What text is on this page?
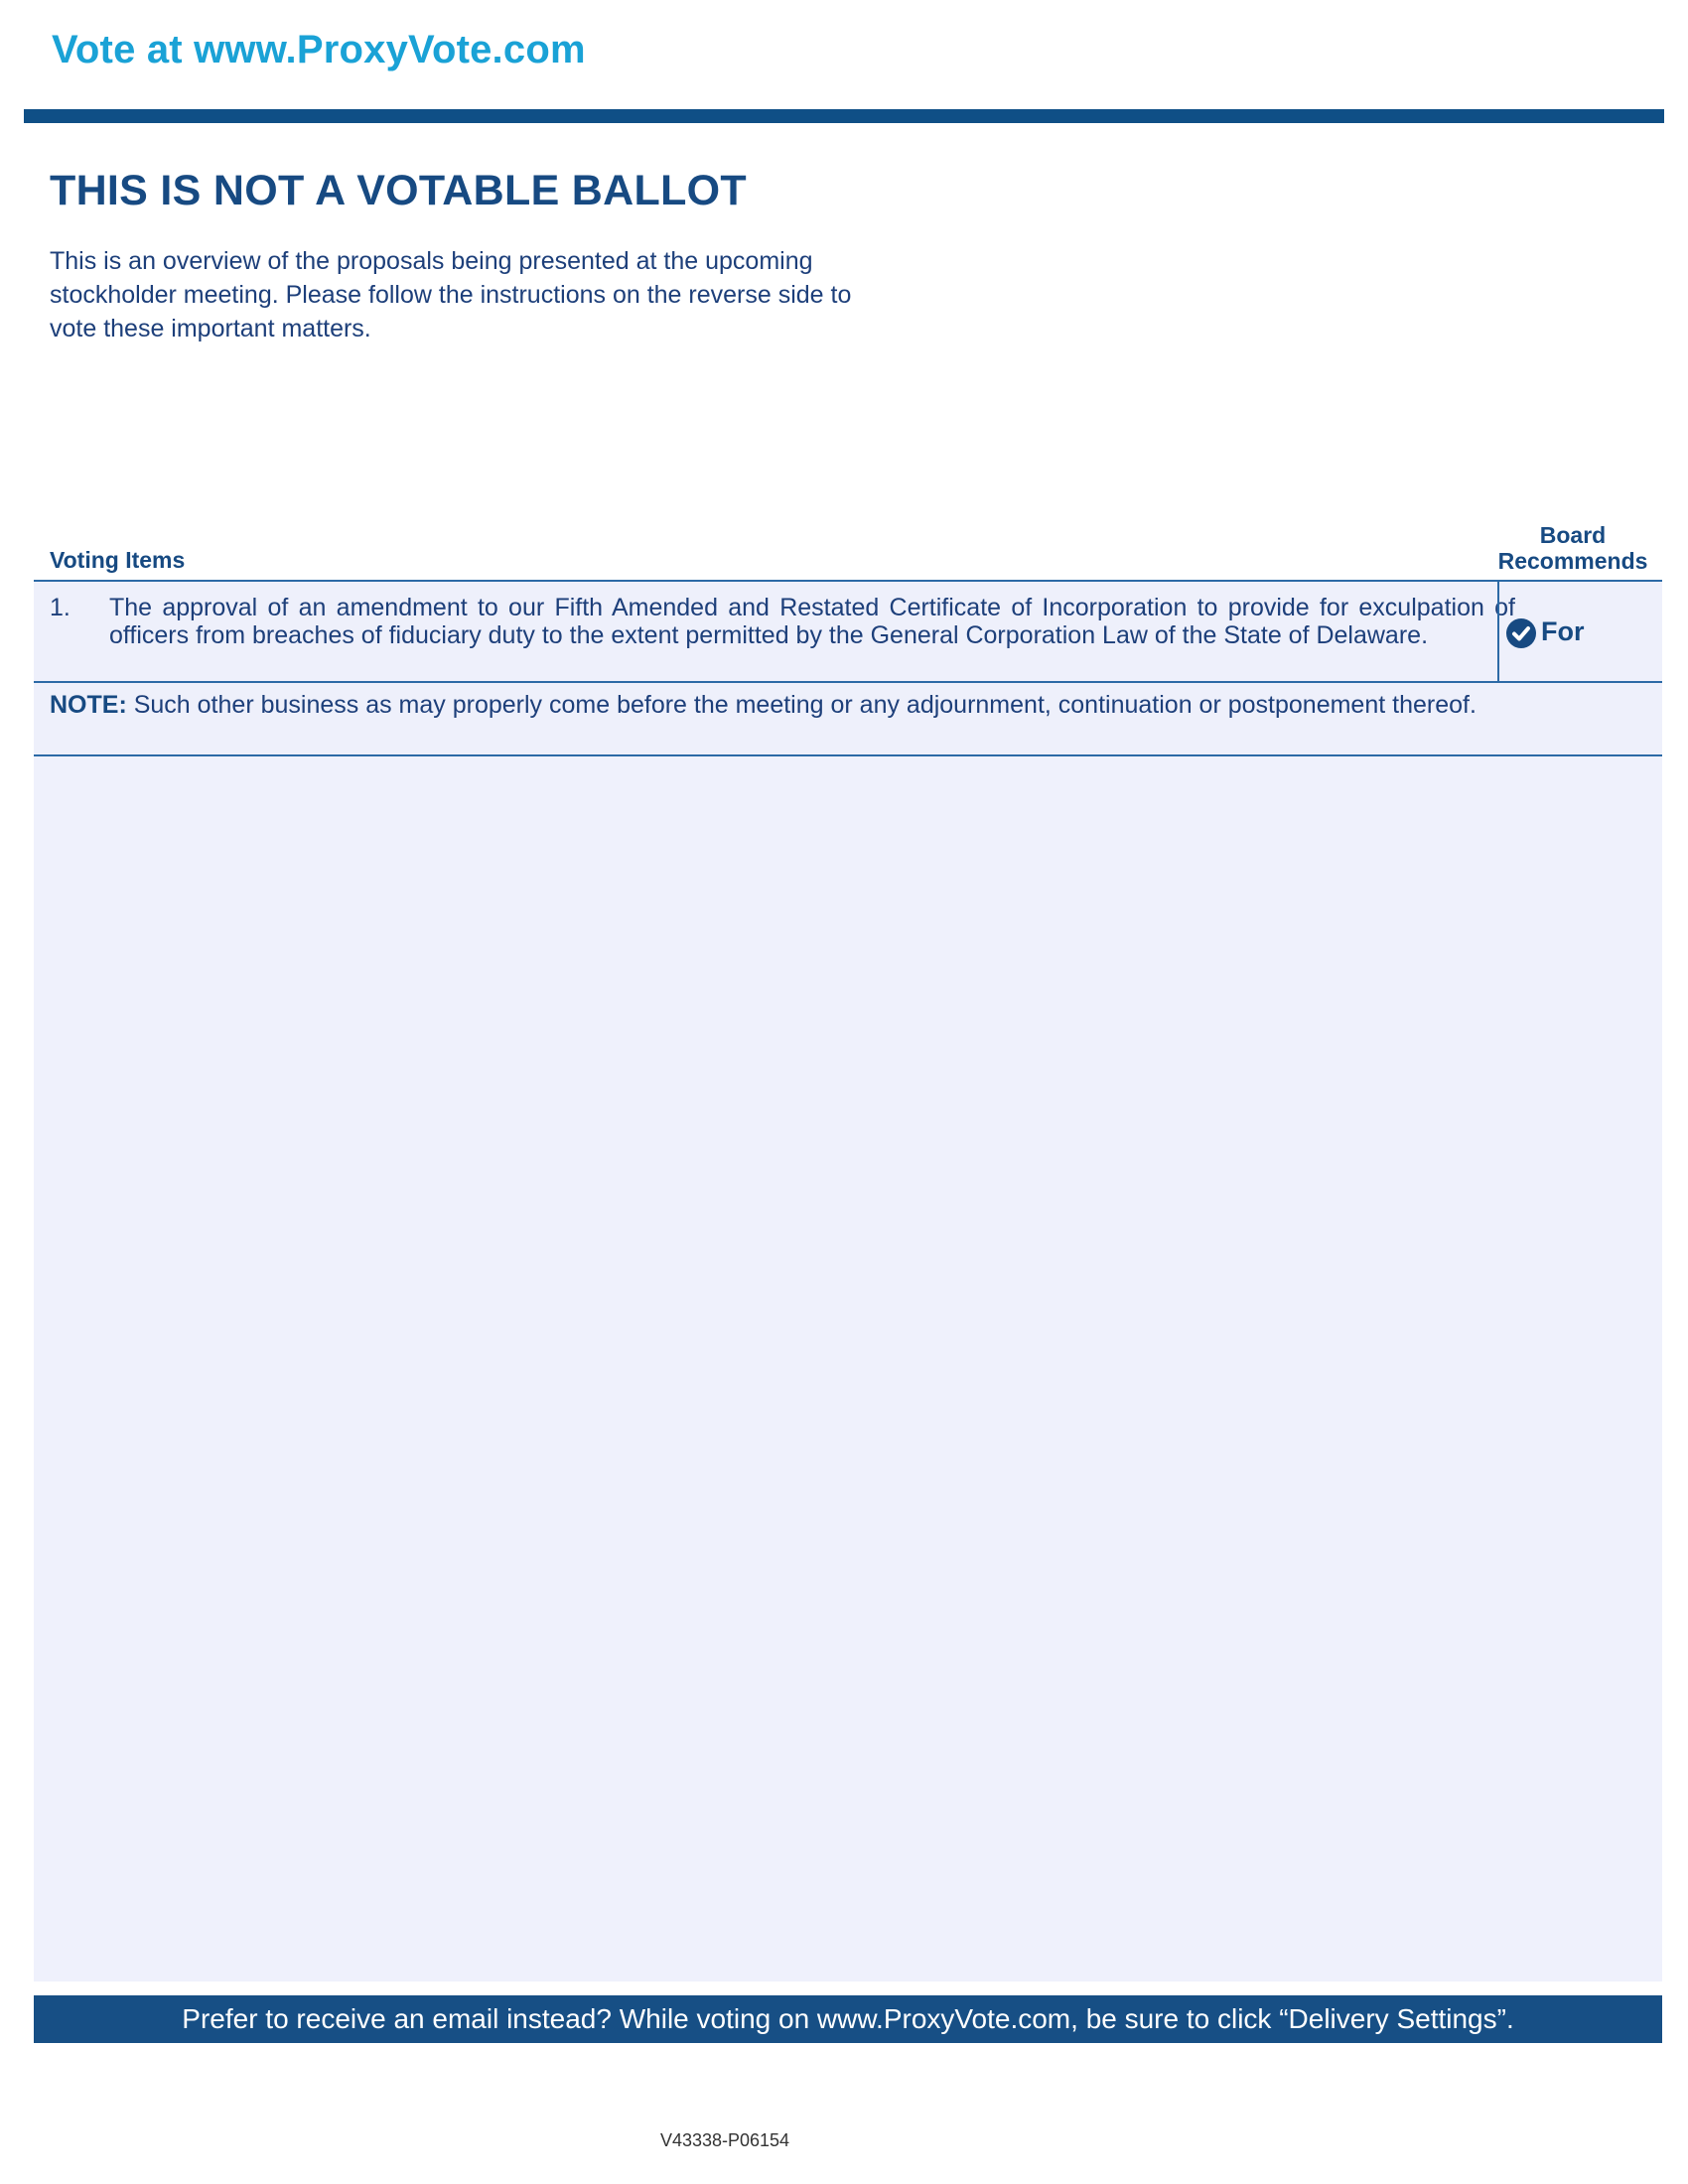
Vote at www.ProxyVote.com
THIS IS NOT A VOTABLE BALLOT
This is an overview of the proposals being presented at the upcoming stockholder meeting. Please follow the instructions on the reverse side to vote these important matters.
Voting Items
Board Recommends
1. The approval of an amendment to our Fifth Amended and Restated Certificate of Incorporation to provide for exculpation of officers from breaches of fiduciary duty to the extent permitted by the General Corporation Law of the State of Delaware.	For
NOTE: Such other business as may properly come before the meeting or any adjournment, continuation or postponement thereof.
Prefer to receive an email instead? While voting on www.ProxyVote.com, be sure to click “Delivery Settings”.
V43338-P06154
